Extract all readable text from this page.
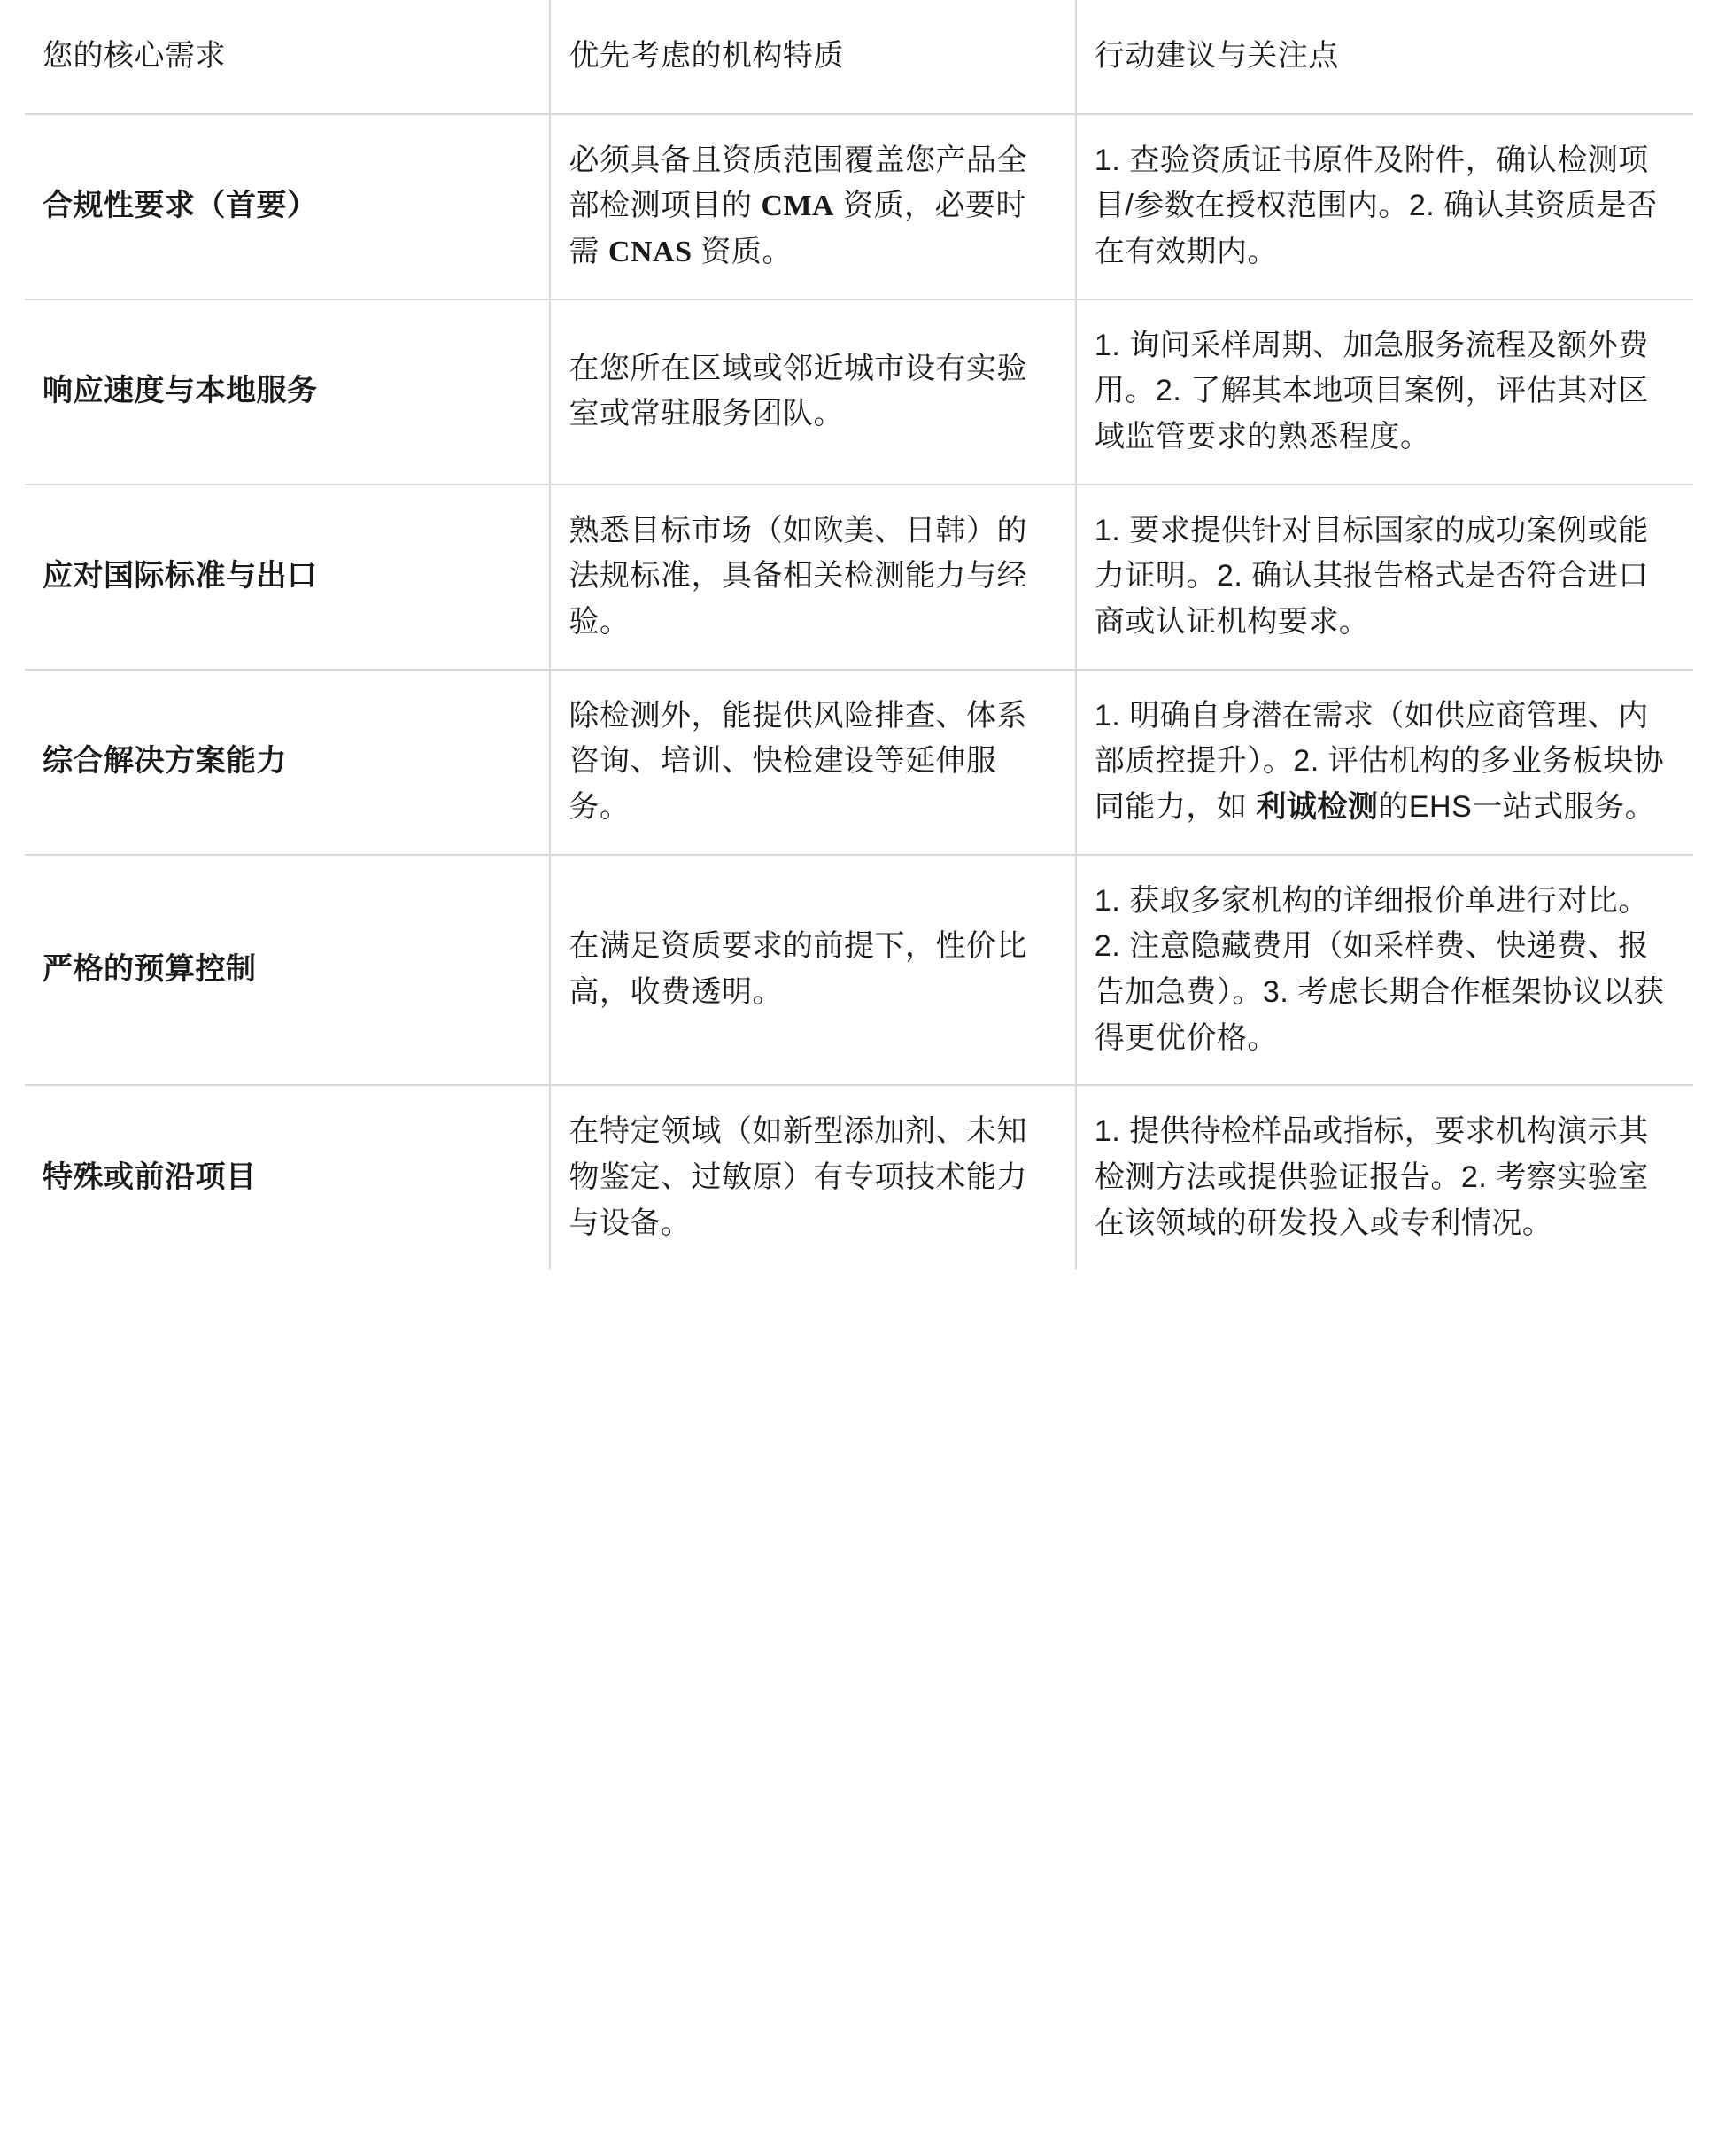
您的核心需求	优先考虑的机构特质	行动建议与关注点
合规性要求（首要）	必须具备且资质范围覆盖您产品全部检测项目的 CMA 资质，必要时需 CNAS 资质。	1. 查验资质证书原件及附件，确认检测项目/参数在授权范围内。2. 确认其资质是否在有效期内。
响应速度与本地服务	在您所在区域或邻近城市设有实验室或常驻服务团队。	1. 询问采样周期、加急服务流程及额外费用。2. 了解其本地项目案例，评估其对区域监管要求的熟悉程度。
应对国际标准与出口	熟悉目标市场（如欧美、日韩）的法规标准，具备相关检测能力与经验。	1. 要求提供针对目标国家的成功案例或能力证明。2. 确认其报告格式是否符合进口商或认证机构要求。
综合解决方案能力	除检测外，能提供风险排查、体系咨询、培训、快检建设等延伸服务。	1. 明确自身潜在需求（如供应商管理、内部质控提升）。2. 评估机构的多业务板块协同能力，如 利诚检测的EHS一站式服务。
严格的预算控制	在满足资质要求的前提下，性价比高，收费透明。	1. 获取多家机构的详细报价单进行对比。2. 注意隐藏费用（如采样费、快递费、报告加急费）。3. 考虑长期合作框架协议以获得更优价格。
特殊或前沿项目	在特定领域（如新型添加剂、未知物鉴定、过敏原）有专项技术能力与设备。	1. 提供待检样品或指标，要求机构演示其检测方法或提供验证报告。2. 考察实验室在该领域的研发投入或专利情况。
